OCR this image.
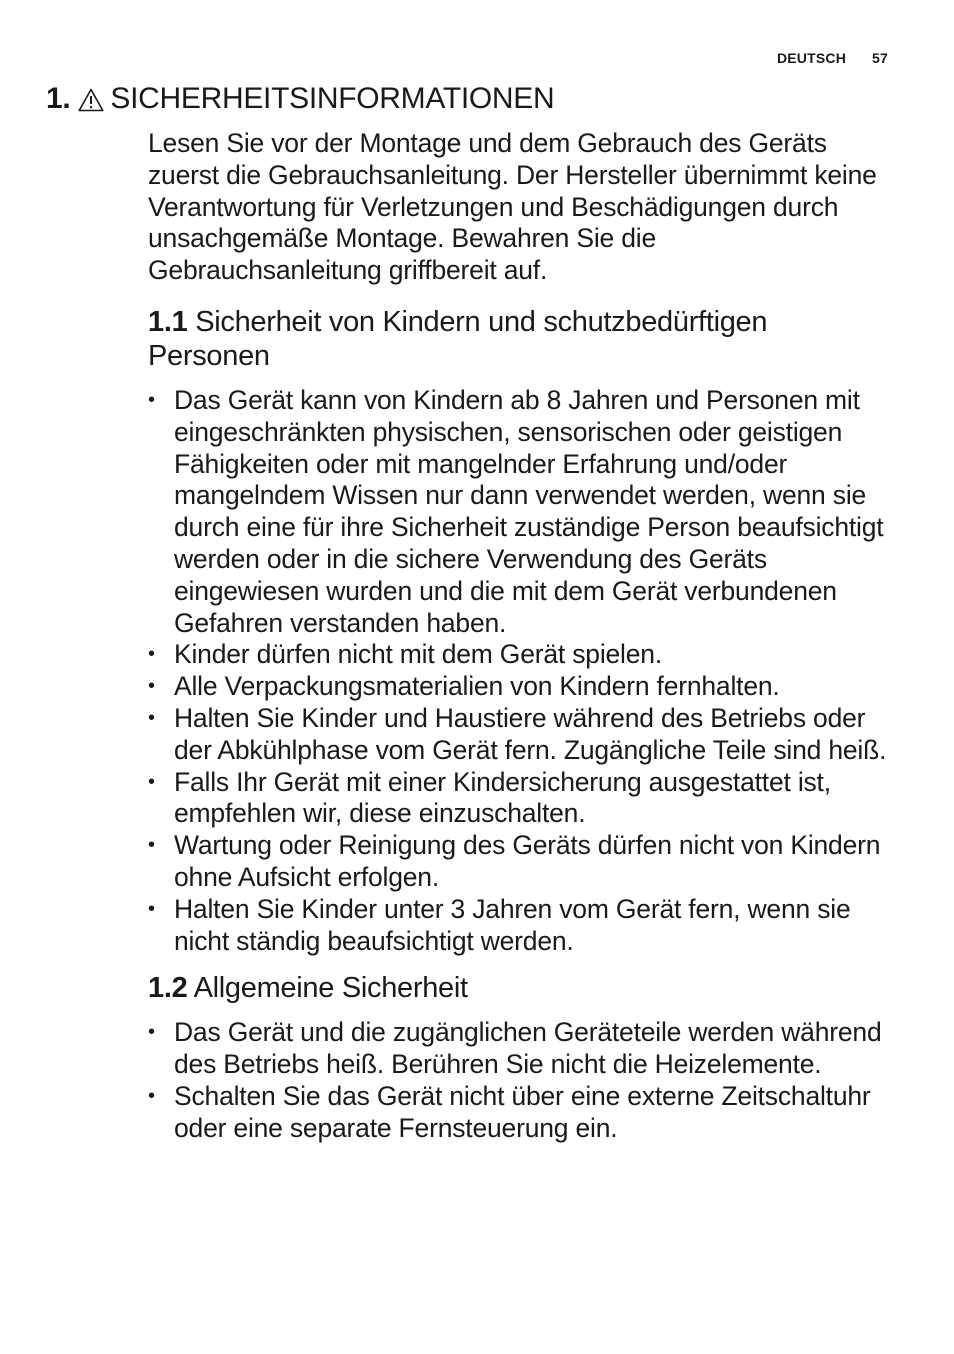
DEUTSCH 57
1. SICHERHEITSINFORMATIONEN

Lesen Sie vor der Montage und dem Gebrauch des Geräts zuerst die Gebrauchsanleitung. Der Hersteller übernimmt keine Verantwortung für Verletzungen und Beschädigungen durch unsachgemäße Montage. Bewahren Sie die Gebrauchsanleitung griffbereit auf.

1.1 Sicherheit von Kindern und schutzbedürftigen Personen
• Das Gerät kann von Kindern ab 8 Jahren und Personen mit eingeschränkten physischen, sensorischen oder geistigen Fähigkeiten oder mit mangelnder Erfahrung und/oder mangelndem Wissen nur dann verwendet werden, wenn sie durch eine für ihre Sicherheit zuständige Person beaufsichtigt werden oder in die sichere Verwendung des Geräts eingewiesen wurden und die mit dem Gerät verbundenen Gefahren verstanden haben.
• Kinder dürfen nicht mit dem Gerät spielen.
• Alle Verpackungsmaterialien von Kindern fernhalten.
• Halten Sie Kinder und Haustiere während des Betriebs oder der Abkühlphase vom Gerät fern. Zugängliche Teile sind heiß.
• Falls Ihr Gerät mit einer Kindersicherung ausgestattet ist, empfehlen wir, diese einzuschalten.
• Wartung oder Reinigung des Geräts dürfen nicht von Kindern ohne Aufsicht erfolgen.
• Halten Sie Kinder unter 3 Jahren vom Gerät fern, wenn sie nicht ständig beaufsichtigt werden.
1.2 Allgemeine Sicherheit
• Das Gerät und die zugänglichen Geräteteile werden während des Betriebs heiß. Berühren Sie nicht die Heizelemente.
• Schalten Sie das Gerät nicht über eine externe Zeitschaltuhr oder eine separate Fernsteuerung ein.
